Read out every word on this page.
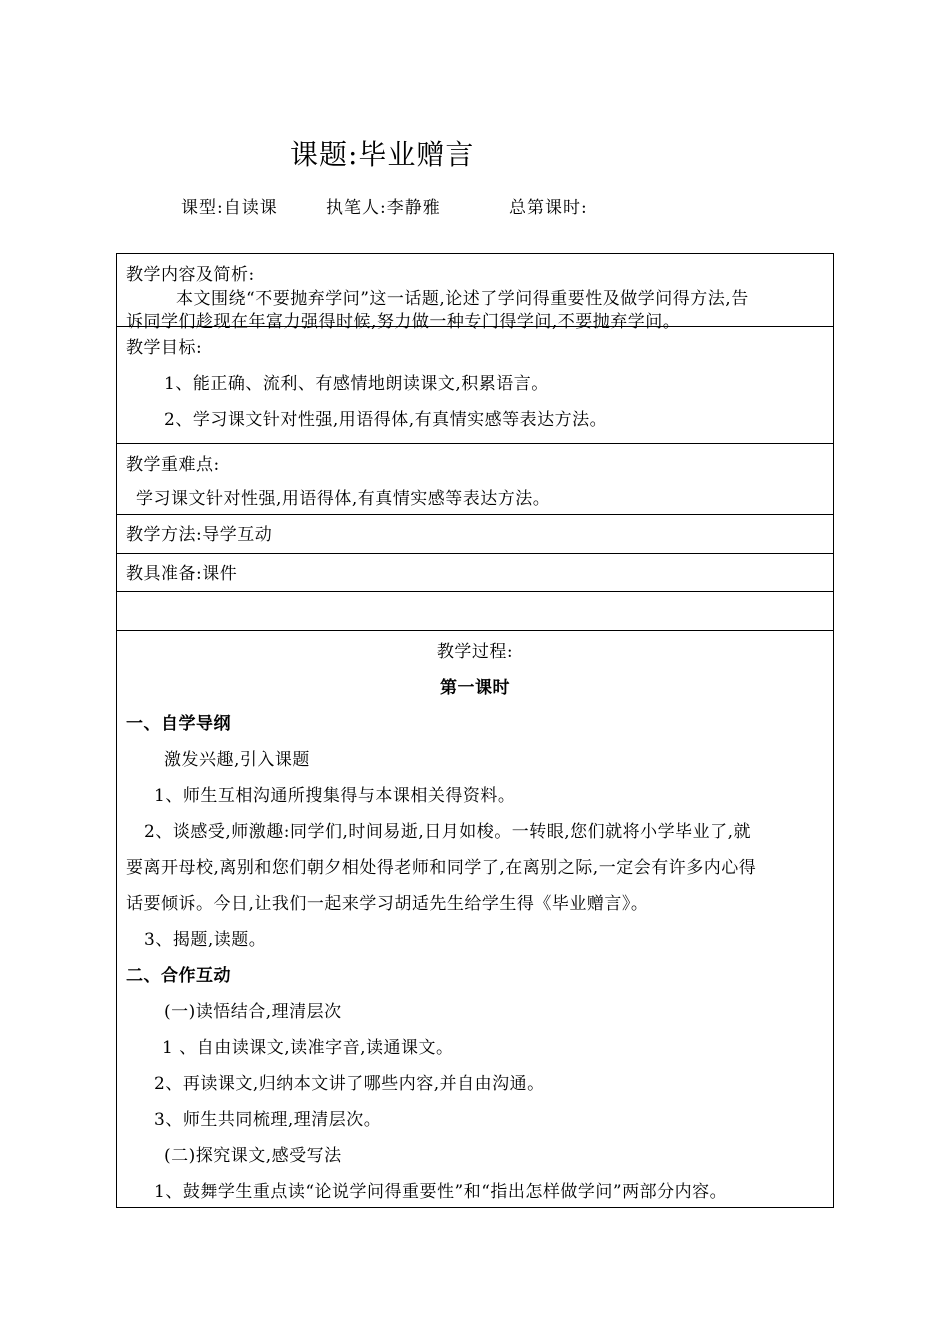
课题:毕业赠言
课型:自读课	执笔人:李静雅	总第课时:
教学内容及简析:
本文围绕“不要抛弃学问”这一话题,论述了学问得重要性及做学问得方法,告
诉同学们趁现在年富力强得时候,努力做一种专门得学问,不要抛弃学问。
教学目标:
1、能正确、流利、有感情地朗读课文,积累语言。
2、学习课文针对性强,用语得体,有真情实感等表达方法。
教学重难点:
学习课文针对性强,用语得体,有真情实感等表达方法。
教学方法:导学互动
教具准备:课件
教学过程:
第一课时
一、自学导纲
激发兴趣,引入课题
1、师生互相沟通所搜集得与本课相关得资料。
2、谈感受,师激趣:同学们,时间易逝,日月如梭。一转眼,您们就将小学毕业了,就
要离开母校,离别和您们朝夕相处得老师和同学了,在离别之际,一定会有许多内心得
话要倾诉。今日,让我们一起来学习胡适先生给学生得《毕业赠言》。
3、揭题,读题。
二、合作互动
(一)读悟结合,理清层次
1 、自由读课文,读准字音,读通课文。
2、再读课文,归纳本文讲了哪些内容,并自由沟通。
3、师生共同梳理,理清层次。
(二)探究课文,感受写法
1、鼓舞学生重点读“论说学问得重要性”和“指出怎样做学问”两部分内容。
